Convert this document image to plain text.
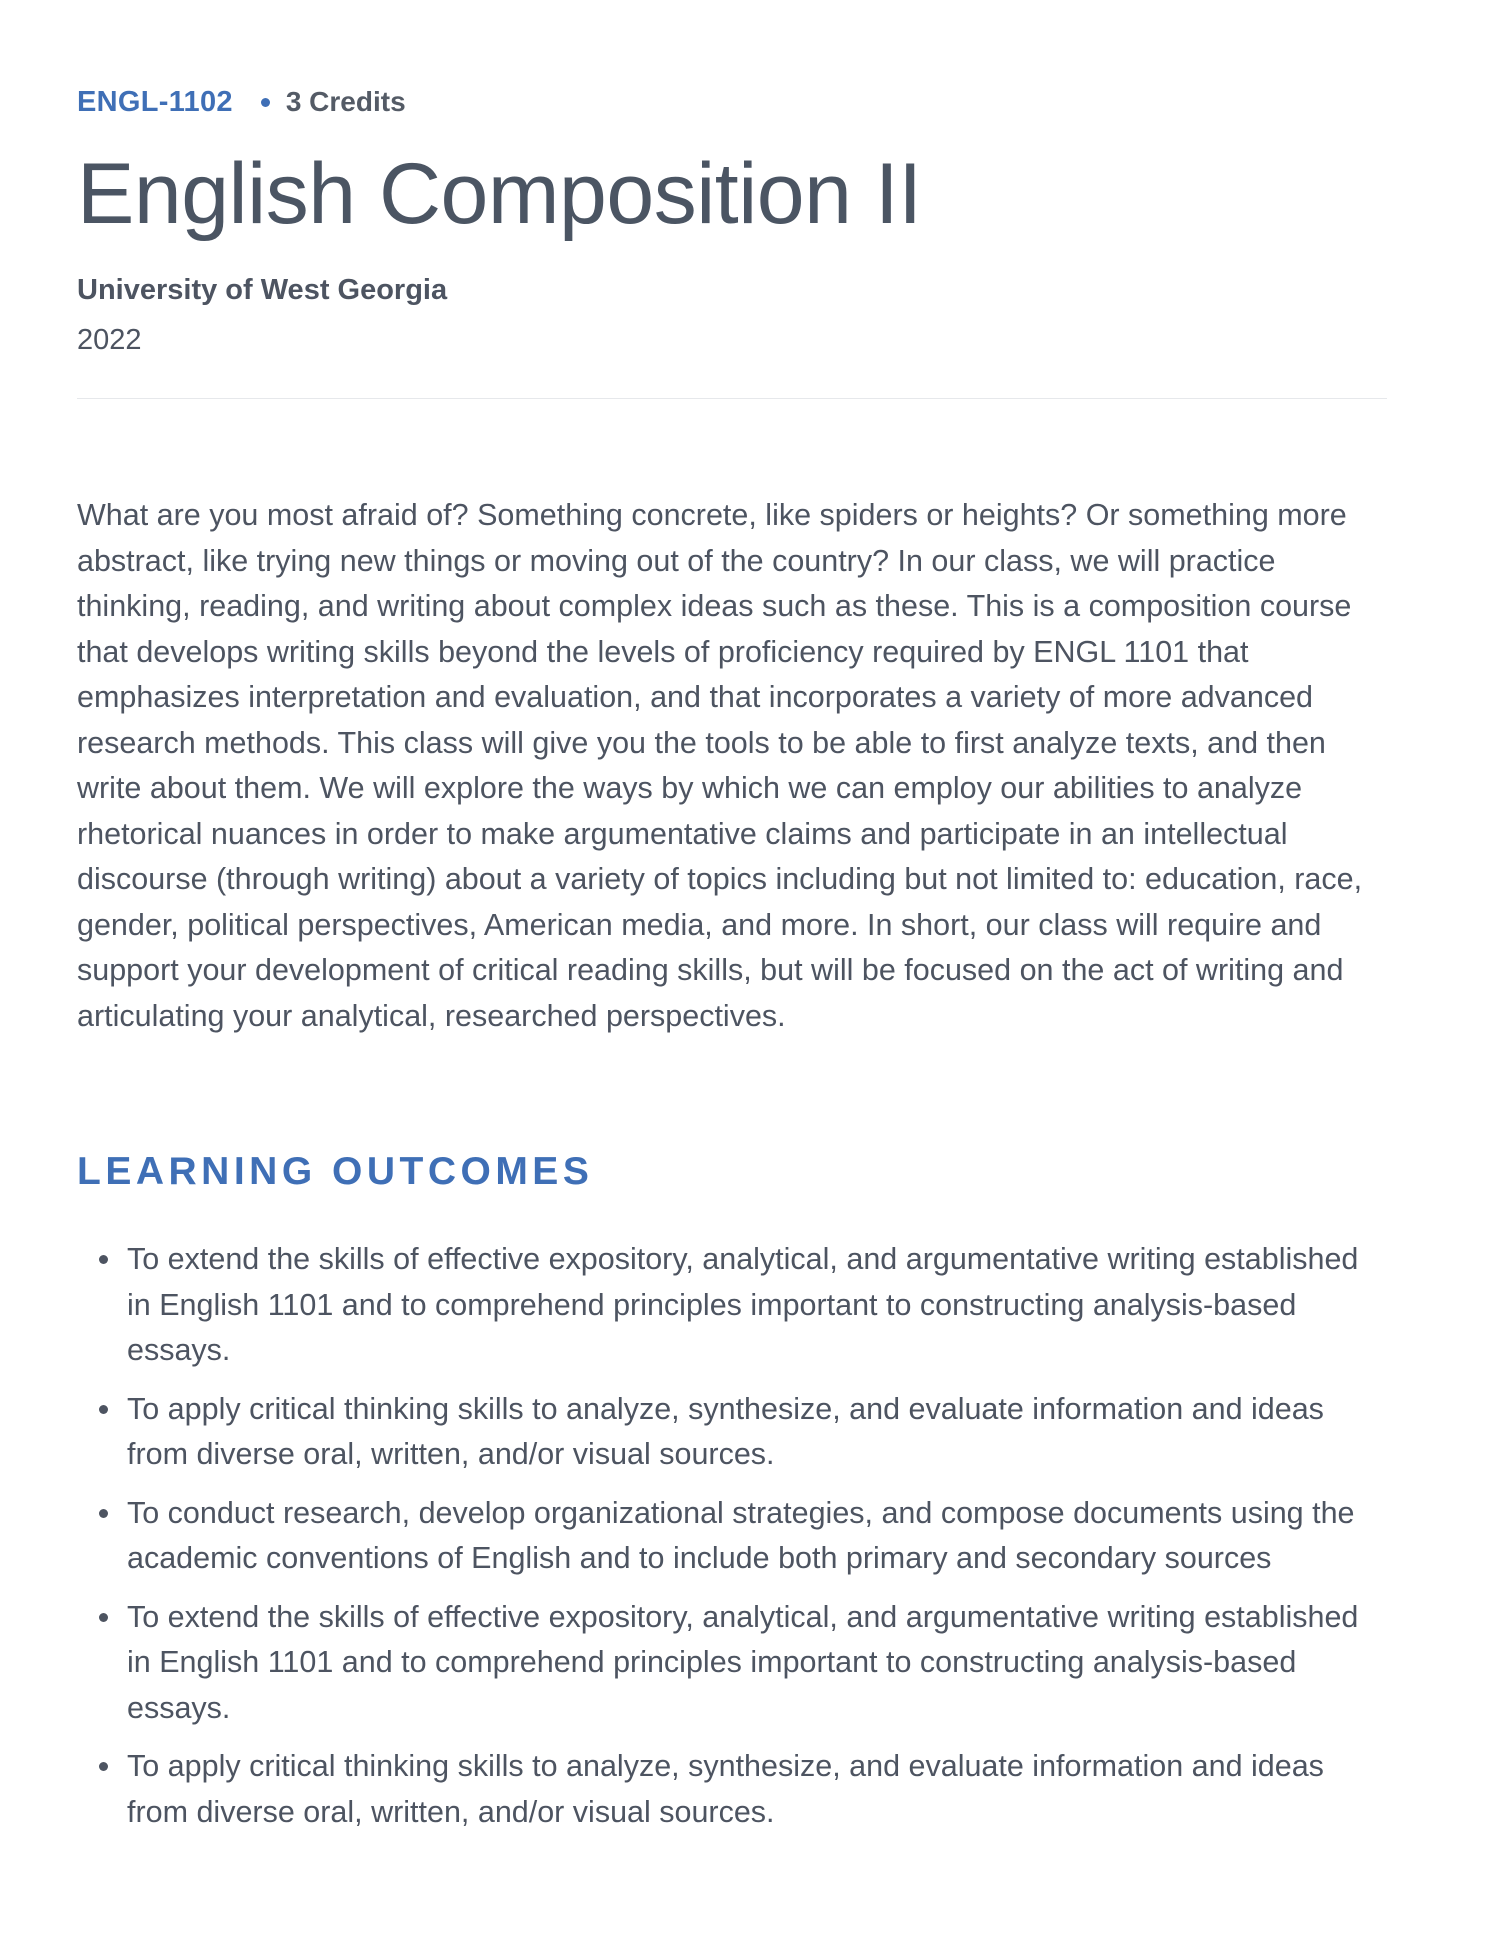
ENGL-1102 3 Credits
English Composition II
University of West Georgia
2022

What are you most afraid of? Something concrete, like spiders or heights? Or something more abstract, like trying new things or moving out of the country? In our class, we will practice thinking, reading, and writing about complex ideas such as these. This is a composition course that develops writing skills beyond the levels of proficiency required by ENGL 1101 that emphasizes interpretation and evaluation, and that incorporates a variety of more advanced research methods. This class will give you the tools to be able to first analyze texts, and then write about them. We will explore the ways by which we can employ our abilities to analyze rhetorical nuances in order to make argumentative claims and participate in an intellectual discourse (through writing) about a variety of topics including but not limited to: education, race, gender, political perspectives, American media, and more. In short, our class will require and support your development of critical reading skills, but will be focused on the act of writing and articulating your analytical, researched perspectives.

LEARNING OUTCOMES
To extend the skills of effective expository, analytical, and argumentative writing established in English 1101 and to comprehend principles important to constructing analysis-based essays.
To apply critical thinking skills to analyze, synthesize, and evaluate information and ideas from diverse oral, written, and/or visual sources.
To conduct research, develop organizational strategies, and compose documents using the academic conventions of English and to include both primary and secondary sources
To extend the skills of effective expository, analytical, and argumentative writing established in English 1101 and to comprehend principles important to constructing analysis-based essays.
To apply critical thinking skills to analyze, synthesize, and evaluate information and ideas from diverse oral, written, and/or visual sources.
